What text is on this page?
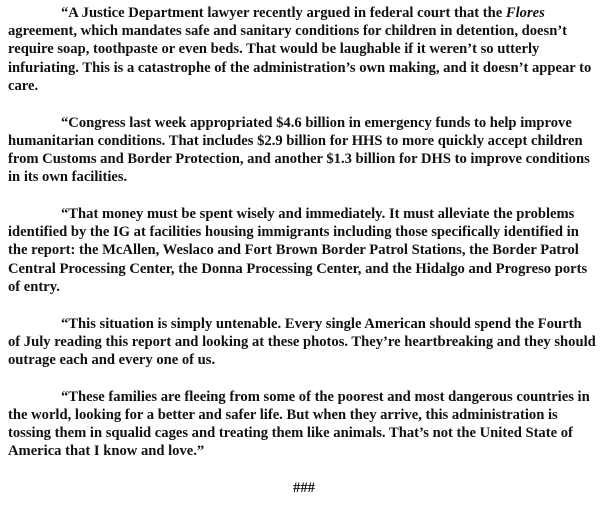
“A Justice Department lawyer recently argued in federal court that the Flores agreement, which mandates safe and sanitary conditions for children in detention, doesn’t require soap, toothpaste or even beds. That would be laughable if it weren’t so utterly infuriating. This is a catastrophe of the administration’s own making, and it doesn’t appear to care.

“Congress last week appropriated $4.6 billion in emergency funds to help improve humanitarian conditions. That includes $2.9 billion for HHS to more quickly accept children from Customs and Border Protection, and another $1.3 billion for DHS to improve conditions in its own facilities.

“That money must be spent wisely and immediately. It must alleviate the problems identified by the IG at facilities housing immigrants including those specifically identified in the report: the McAllen, Weslaco and Fort Brown Border Patrol Stations, the Border Patrol Central Processing Center, the Donna Processing Center, and the Hidalgo and Progreso ports of entry.

“This situation is simply untenable. Every single American should spend the Fourth of July reading this report and looking at these photos. They’re heartbreaking and they should outrage each and every one of us.

“These families are fleeing from some of the poorest and most dangerous countries in the world, looking for a better and safer life. But when they arrive, this administration is tossing them in squalid cages and treating them like animals. That’s not the United State of America that I know and love.”

###
